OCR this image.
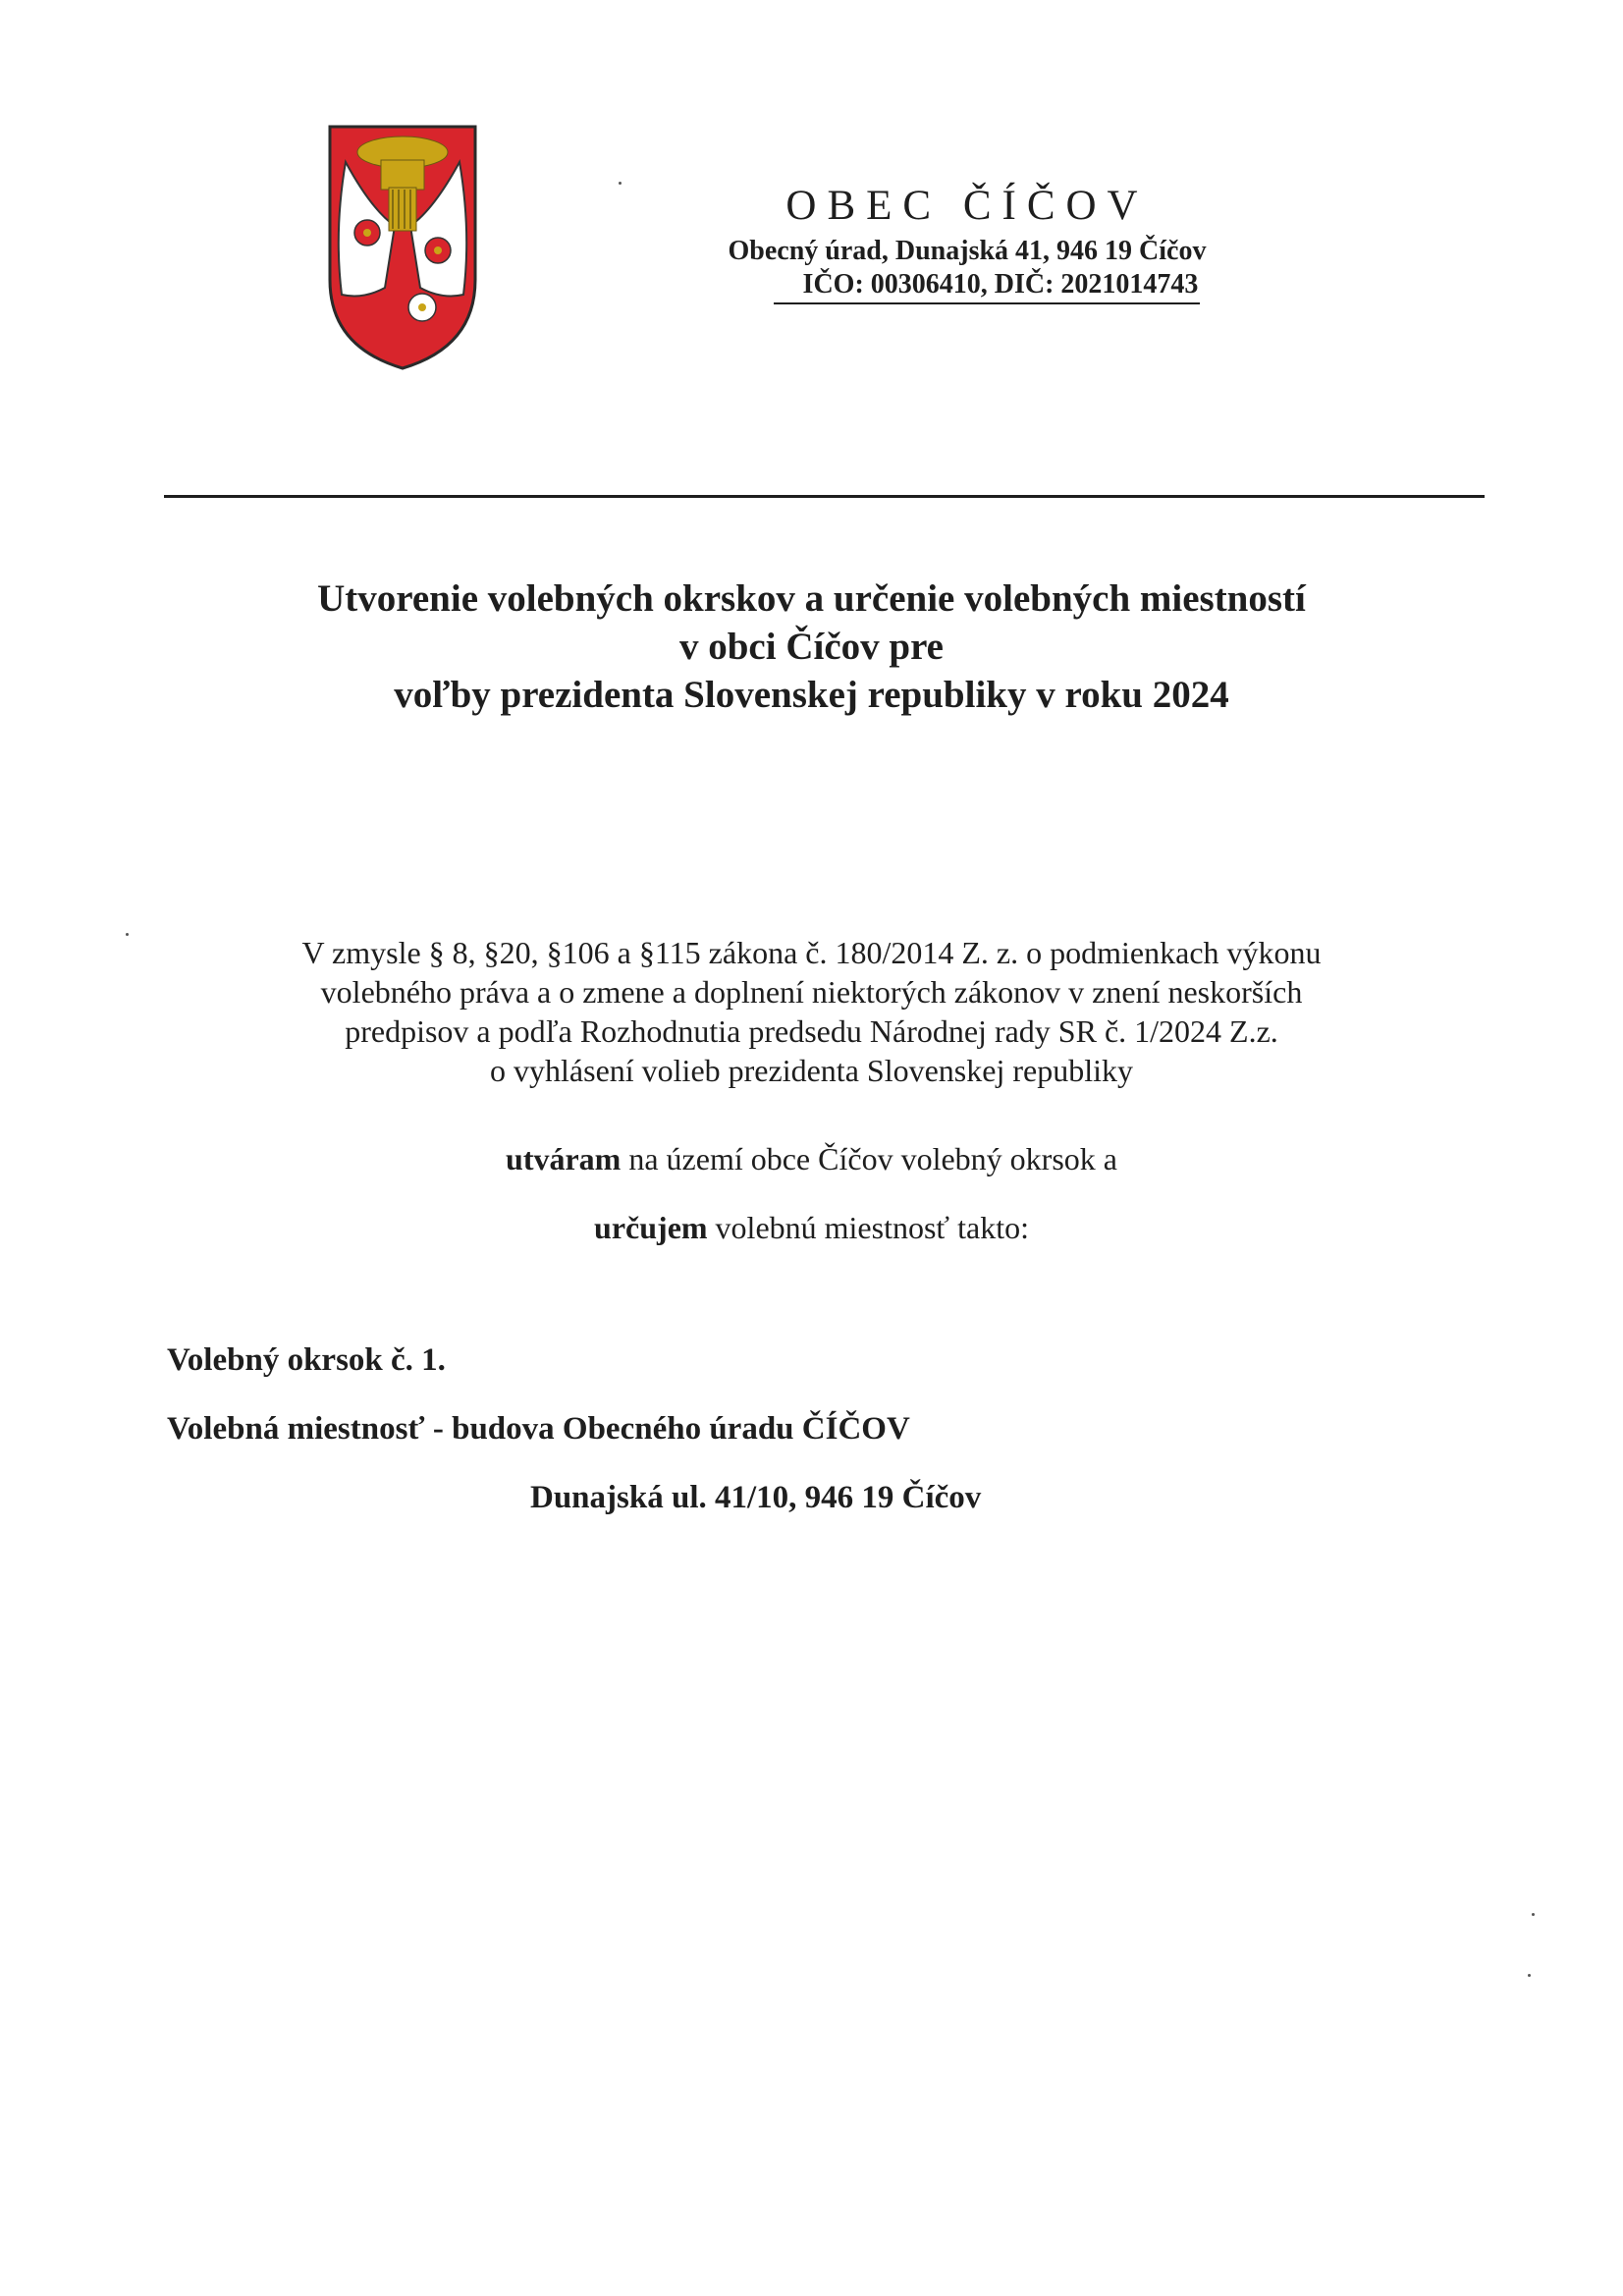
OBEC ČÍČOV
Obecný úrad, Dunajská 41, 946 19 Číčov
IČO: 00306410, DIČ: 2021014743
Utvorenie volebných okrskov a určenie volebných miestností
v obci Číčov pre
voľby prezidenta Slovenskej republiky v roku 2024
V zmysle § 8, §20, §106 a §115 zákona č. 180/2014 Z. z. o podmienkach výkonu
volebného práva a o zmene a doplnení niektorých zákonov v znení neskorších
predpisov a podľa Rozhodnutia predsedu Národnej rady SR č. 1/2024 Z.z.
o vyhlásení volieb prezidenta Slovenskej republiky
utváram na území obce Číčov volebný okrsok a
určujem volebnú miestnosť takto:
Volebný okrsok č. 1.
Volebná miestnosť - budova Obecného úradu ČÍČOV
Dunajská ul. 41/10, 946 19 Číčov
